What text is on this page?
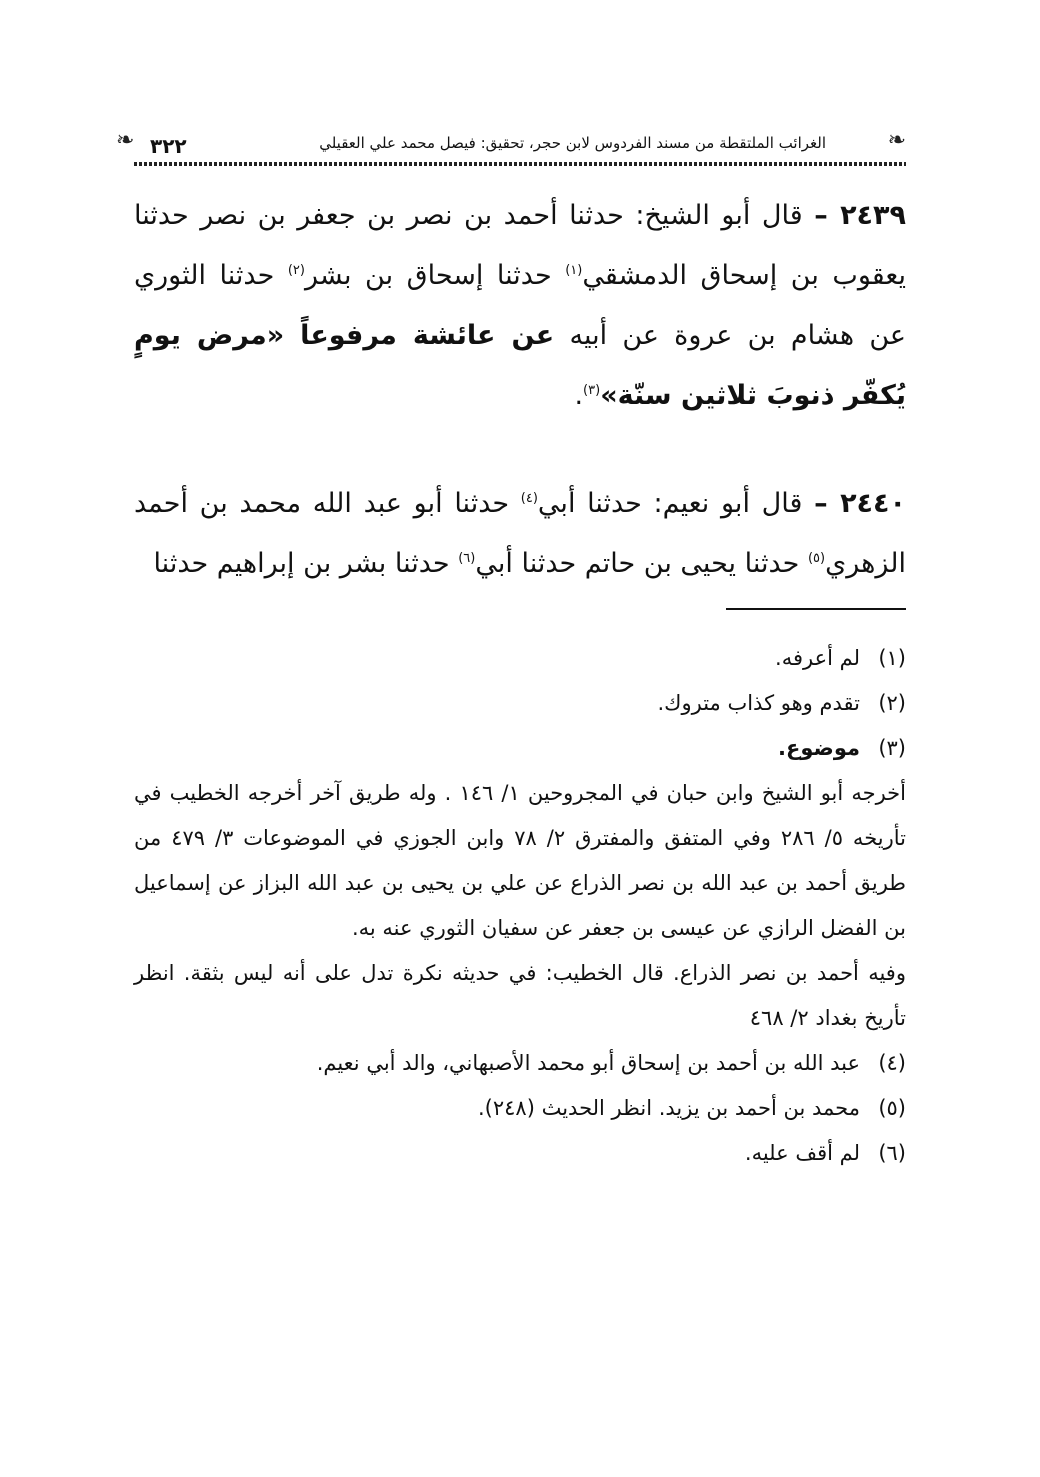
❧
الغرائب الملتقطة من مسند الفردوس لابن حجر، تحقيق: فيصل محمد علي العقيلي
٣٢٢
❧
٢٤٣٩ – قال أبو الشيخ: حدثنا أحمد بن نصر بن جعفر بن نصر حدثنا يعقوب بن إسحاق الدمشقي$^{(١)}$ حدثنا إسحاق بن بشر$^{(٢)}$ حدثنا الثوري عن هشام بن عروة عن أبيه عن عائشة مرفوعاً «مرض يومٍ يُكفّر ذنوبَ ثلاثين سنّة»$^{(٣)}$.
٢٤٤٠ – قال أبو نعيم: حدثنا أبي$^{(٤)}$ حدثنا أبو عبد الله محمد بن أحمد الزهري$^{(٥)}$ حدثنا يحيى بن حاتم حدثنا أبي$^{(٦)}$ حدثنا بشر بن إبراهيم حدثنا
(١)
لم أعرفه.
(٢)
تقدم وهو كذاب متروك.
(٣)
موضوع.
أخرجه أبو الشيخ وابن حبان في المجروحين ١/ ١٤٦ . وله طريق آخر أخرجه الخطيب في تأريخه ٥/ ٢٨٦ وفي المتفق والمفترق ٢/ ٧٨ وابن الجوزي في الموضوعات ٣/ ٤٧٩ من طريق أحمد بن عبد الله بن نصر الذراع عن علي بن يحيى بن عبد الله البزاز عن إسماعيل بن الفضل الرازي عن عيسى بن جعفر عن سفيان الثوري عنه به.
وفيه أحمد بن نصر الذراع. قال الخطيب: في حديثه نكرة تدل على أنه ليس بثقة. انظر تأريخ بغداد ٢/ ٤٦٨
(٤)
عبد الله بن أحمد بن إسحاق أبو محمد الأصبهاني، والد أبي نعيم.
(٥)
محمد بن أحمد بن يزيد. انظر الحديث (٢٤٨).
(٦)
لم أقف عليه.
